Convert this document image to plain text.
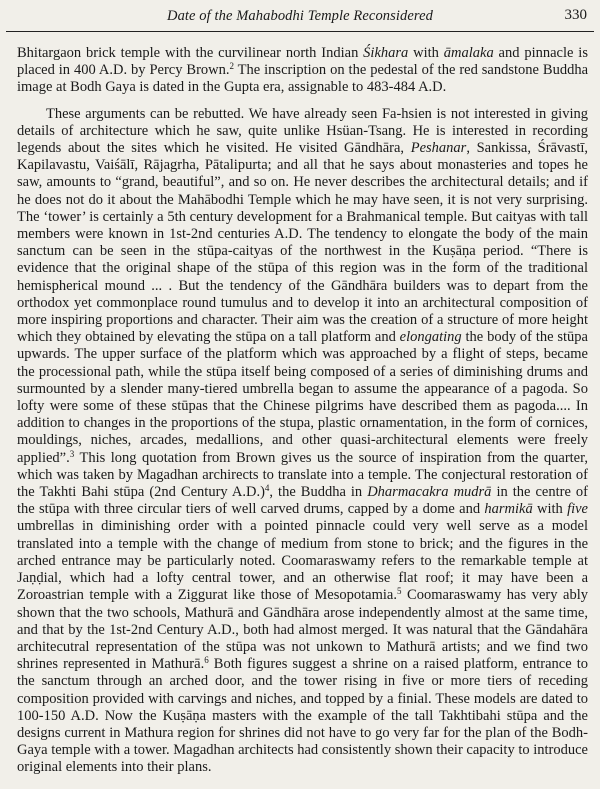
Date of the Mahabodhi Temple Reconsidered	330

Bhitargaon brick temple with the curvilinear north Indian Śikhara with āmalaka and pinnacle is placed in 400 A.D. by Percy Brown.$^2$ The inscription on the pedestal of the red sandstone Buddha image at Bodh Gaya is dated in the Gupta era, assignable to 483-484 A.D.

These arguments can be rebutted. We have already seen Fa-hsien is not interested in giving details of architecture which he saw, quite unlike Hsüan-Tsang. He is interested in recording legends about the sites which he visited. He visited Gāndhāra, Peshanar, Sankissa, Śrāvastī, Kapilavastu, Vaiśālī, Rājagrha, Pātalipurta; and all that he says about monasteries and topes he saw, amounts to “grand, beautiful”, and so on. He never describes the architectural details; and if he does not do it about the Mahābodhi Temple which he may have seen, it is not very surprising. The ‘tower’ is certainly a 5th century development for a Brahmanical temple. But caityas with tall members were known in 1st-2nd centuries A.D. The tendency to elongate the body of the main sanctum can be seen in the stūpa-caityas of the northwest in the Kuṣāṇa period. “There is evidence that the original shape of the stūpa of this region was in the form of the traditional hemispherical mound ... . But the tendency of the Gāndhāra builders was to depart from the orthodox yet commonplace round tumulus and to develop it into an architectural composition of more inspiring proportions and character. Their aim was the creation of a structure of more height which they obtained by elevating the stūpa on a tall platform and elongating the body of the stūpa upwards. The upper surface of the platform which was approached by a flight of steps, became the processional path, while the stūpa itself being composed of a series of diminishing drums and surmounted by a slender many-tiered umbrella began to assume the appearance of a pagoda. So lofty were some of these stūpas that the Chinese pilgrims have described them as pagoda.... In addition to changes in the proportions of the stupa, plastic ornamentation, in the form of cornices, mouldings, niches, arcades, medallions, and other quasi-architectural elements were freely applied”.$^3$ This long quotation from Brown gives us the source of inspiration from the quarter, which was taken by Magadhan archirects to translate into a temple. The conjectural restoration of the Takhti Bahi stūpa (2nd Century A.D.)$^4$, the Buddha in Dharmacakra mudrā in the centre of the stūpa with three circular tiers of well carved drums, capped by a dome and harmikā with five umbrellas in diminishing order with a pointed pinnacle could very well serve as a model translated into a temple with the change of medium from stone to brick; and the figures in the arched entrance may be particularly noted. Coomaraswamy refers to the remarkable temple at Jaṇḍial, which had a lofty central tower, and an otherwise flat roof; it may have been a Zoroastrian temple with a Ziggurat like those of Mesopotamia.$^5$ Coomaraswamy has very ably shown that the two schools, Mathurā and Gāndhāra arose independently almost at the same time, and that by the 1st-2nd Century A.D., both had almost merged. It was natural that the Gāndahāra architecutral representation of the stūpa was not unkown to Mathurā artists; and we find two shrines represented in Mathurā.$^6$ Both figures suggest a shrine on a raised platform, entrance to the sanctum through an arched door, and the tower rising in five or more tiers of receding composition provided with carvings and niches, and topped by a finial. These models are dated to 100-150 A.D. Now the Kuṣāṇa masters with the example of the tall Takhtibahi stūpa and the designs current in Mathura region for shrines did not have to go very far for the plan of the Bodh-Gaya temple with a tower. Magadhan architects had consistently shown their capacity to introduce original elements into their plans.
